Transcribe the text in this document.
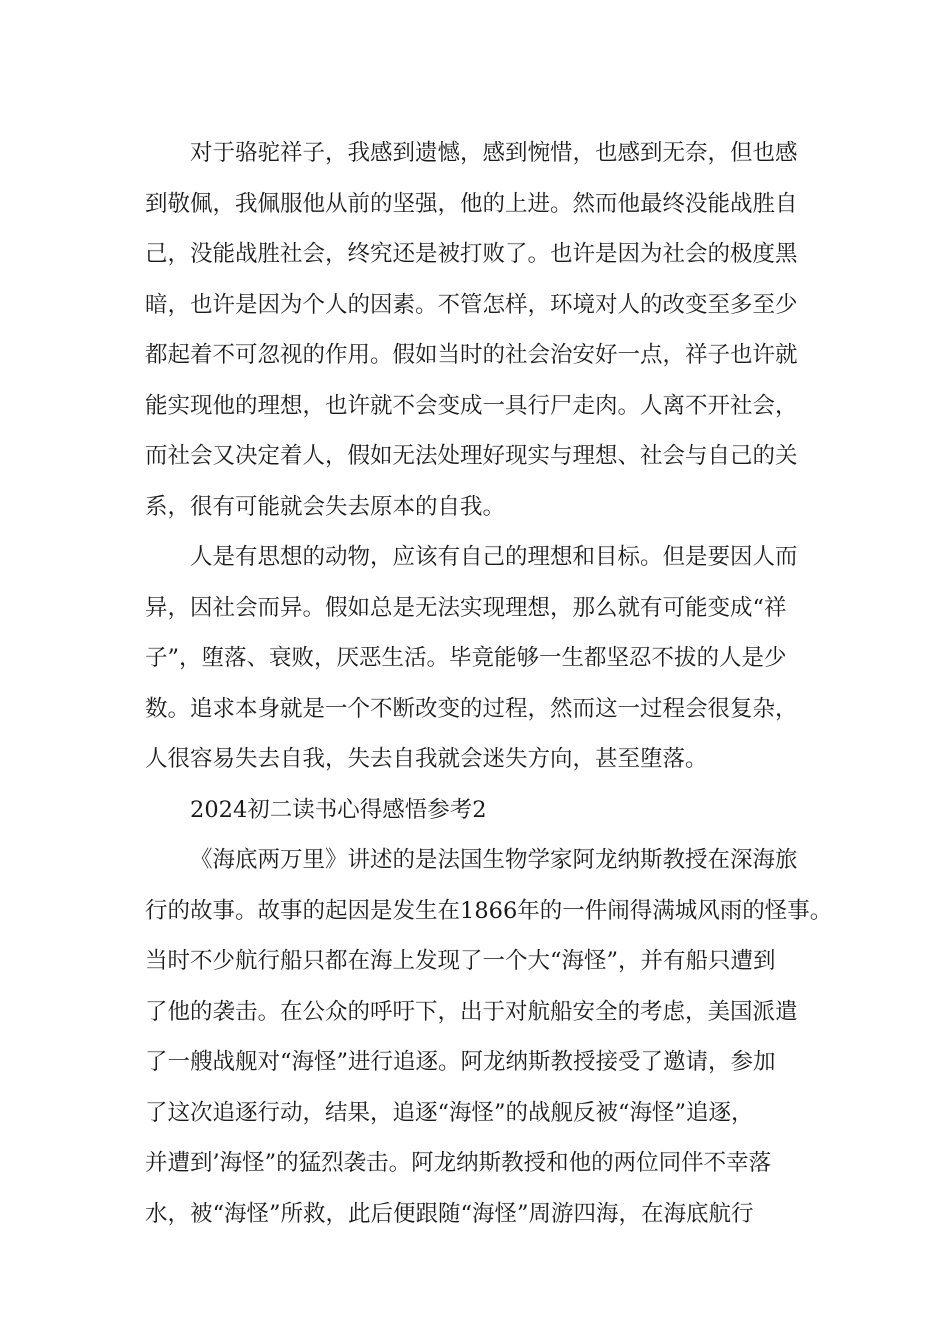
对于骆驼祥子，我感到遗憾，感到惋惜，也感到无奈，但也感
到敬佩，我佩服他从前的坚强，他的上进。然而他最终没能战胜自
己，没能战胜社会，终究还是被打败了。也许是因为社会的极度黑
暗，也许是因为个人的因素。不管怎样，环境对人的改变至多至少
都起着不可忽视的作用。假如当时的社会治安好一点，祥子也许就
能实现他的理想，也许就不会变成一具行尸走肉。人离不开社会，
而社会又决定着人，假如无法处理好现实与理想、社会与自己的关
系，很有可能就会失去原本的自我。
人是有思想的动物，应该有自己的理想和目标。但是要因人而
异，因社会而异。假如总是无法实现理想，那么就有可能变成“祥
子”，堕落、衰败，厌恶生活。毕竟能够一生都坚忍不拔的人是少
数。追求本身就是一个不断改变的过程，然而这一过程会很复杂，
人很容易失去自我，失去自我就会迷失方向，甚至堕落。
2024初二读书心得感悟参考2
《海底两万里》讲述的是法国生物学家阿龙纳斯教授在深海旅
行的故事。故事的起因是发生在1866年的一件闹得满城风雨的怪事。
当时不少航行船只都在海上发现了一个大“海怪”，并有船只遭到
了他的袭击。在公众的呼吁下，出于对航船安全的考虑，美国派遣
了一艘战舰对“海怪”进行追逐。阿龙纳斯教授接受了邀请，参加
了这次追逐行动，结果，追逐“海怪”的战舰反被“海怪”追逐，
并遭到’海怪”的猛烈袭击。阿龙纳斯教授和他的两位同伴不幸落
水，被“海怪”所救，此后便跟随“海怪”周游四海，在海底航行
